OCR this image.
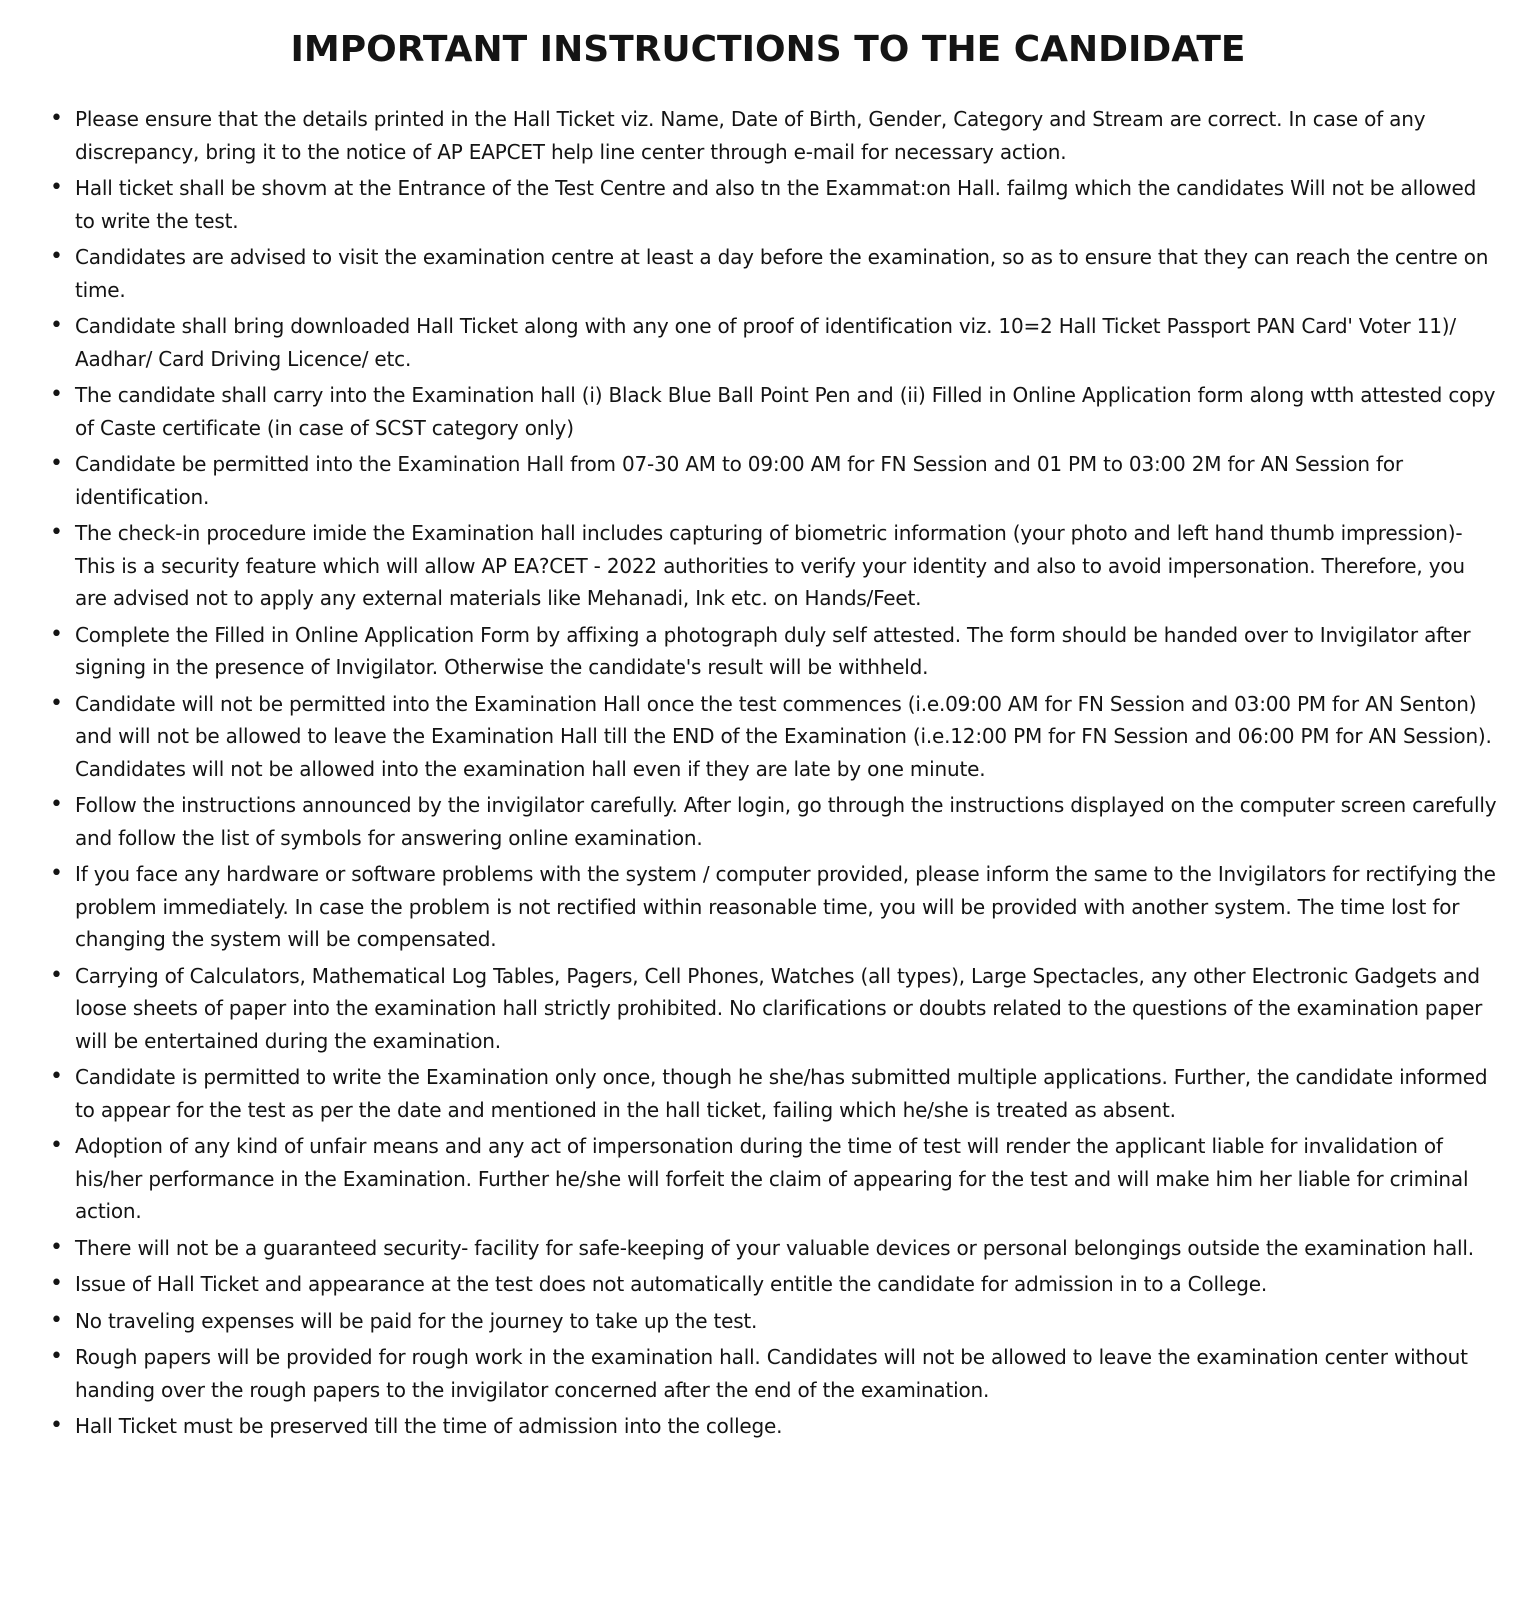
IMPORTANT INSTRUCTIONS TO THE CANDIDATE
• Please ensure that the details printed in the Hall Ticket viz. Name, Date of Birth, Gender, Category and Stream are correct. In case of any discrepancy, bring it to the notice of AP EAPCET help line center through e-mail for necessary action.
• Hall ticket shall be shovm at the Entrance of the Test Centre and also tn the Exammat:on Hall. failmg which the candidates Will not be allowed to write the test.
• Candidates are advised to visit the examination centre at least a day before the examination, so as to ensure that they can reach the centre on time.
• Candidate shall bring downloaded Hall Ticket along with any one of proof of identification viz. 10=2 Hall Ticket Passport PAN Card' Voter 11)/ Aadhar/ Card Driving Licence/ etc.
• The candidate shall carry into the Examination hall (i) Black Blue Ball Point Pen and (ii) Filled in Online Application form along wtth attested copy of Caste certificate (in case of SCST category only)
• Candidate be permitted into the Examination Hall from 07-30 AM to 09:00 AM for FN Session and 01 PM to 03:00 2M for AN Session for identification.
• The check-in procedure imide the Examination hall includes capturing of biometric information (your photo and left hand thumb impression)- This is a security feature which will allow AP EA?CET - 2022 authorities to verify your identity and also to avoid impersonation. Therefore, you are advised not to apply any external materials like Mehanadi, Ink etc. on Hands/Feet.
• Complete the Filled in Online Application Form by affixing a photograph duly self attested. The form should be handed over to Invigilator after signing in the presence of Invigilator. Otherwise the candidate's result will be withheld.
• Candidate will not be permitted into the Examination Hall once the test commences (i.e.09:00 AM for FN Session and 03:00 PM for AN Senton) and will not be allowed to leave the Examination Hall till the END of the Examination (i.e.12:00 PM for FN Session and 06:00 PM for AN Session). Candidates will not be allowed into the examination hall even if they are late by one minute.
• Follow the instructions announced by the invigilator carefully. After login, go through the instructions displayed on the computer screen carefully and follow the list of symbols for answering online examination.
• If you face any hardware or software problems with the system / computer provided, please inform the same to the Invigilators for rectifying the problem immediately. In case the problem is not rectified within reasonable time, you will be provided with another system. The time lost for changing the system will be compensated.
• Carrying of Calculators, Mathematical Log Tables, Pagers, Cell Phones, Watches (all types), Large Spectacles, any other Electronic Gadgets and loose sheets of paper into the examination hall strictly prohibited. No clarifications or doubts related to the questions of the examination paper will be entertained during the examination.
• Candidate is permitted to write the Examination only once, though he she/has submitted multiple applications. Further, the candidate informed to appear for the test as per the date and mentioned in the hall ticket, failing which he/she is treated as absent.
• Adoption of any kind of unfair means and any act of impersonation during the time of test will render the applicant liable for invalidation of his/her performance in the Examination. Further he/she will forfeit the claim of appearing for the test and will make him her liable for criminal action.
• There will not be a guaranteed security- facility for safe-keeping of your valuable devices or personal belongings outside the examination hall.
• Issue of Hall Ticket and appearance at the test does not automatically entitle the candidate for admission in to a College.
• No traveling expenses will be paid for the journey to take up the test.
• Rough papers will be provided for rough work in the examination hall. Candidates will not be allowed to leave the examination center without handing over the rough papers to the invigilator concerned after the end of the examination.
• Hall Ticket must be preserved till the time of admission into the college.
